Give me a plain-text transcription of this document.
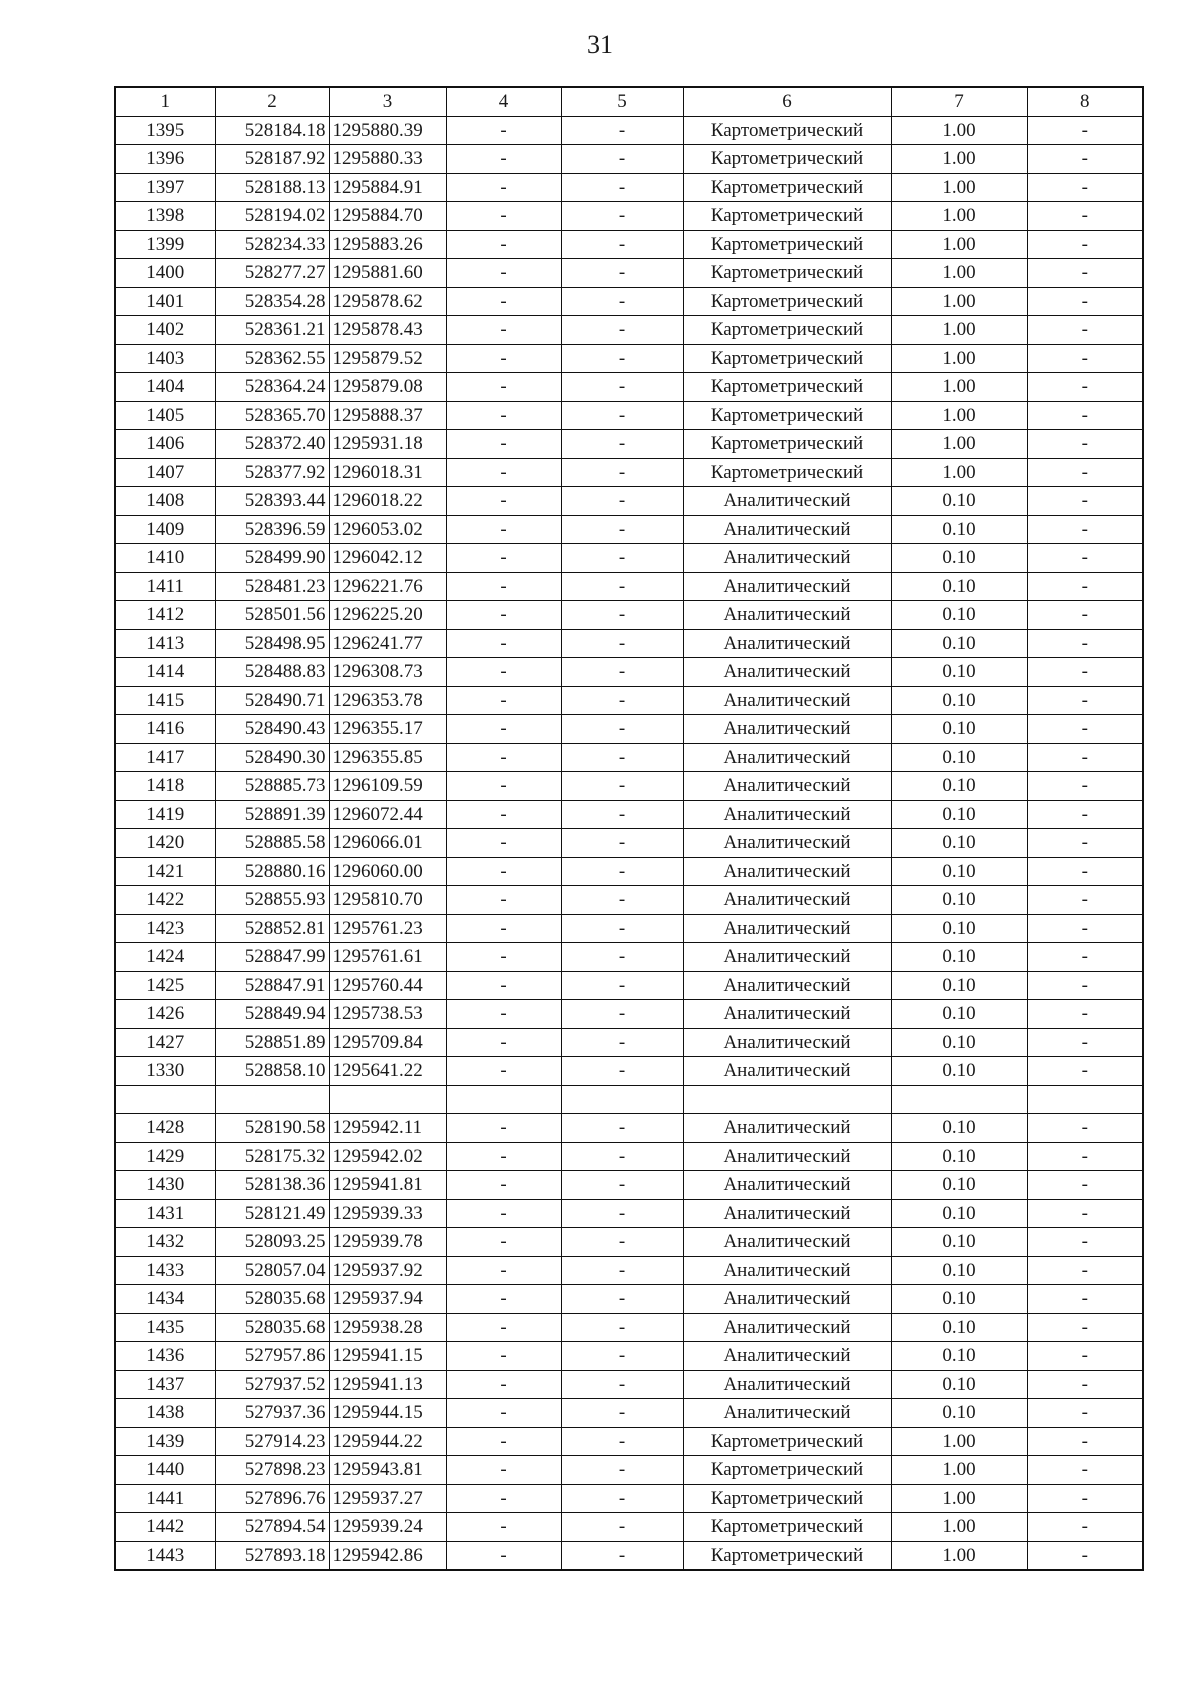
31
1	2	3	4	5	6	7	8
1395	528184.18	1295880.39	-	-	Картометрический	1.00	-
1396	528187.92	1295880.33	-	-	Картометрический	1.00	-
1397	528188.13	1295884.91	-	-	Картометрический	1.00	-
1398	528194.02	1295884.70	-	-	Картометрический	1.00	-
1399	528234.33	1295883.26	-	-	Картометрический	1.00	-
1400	528277.27	1295881.60	-	-	Картометрический	1.00	-
1401	528354.28	1295878.62	-	-	Картометрический	1.00	-
1402	528361.21	1295878.43	-	-	Картометрический	1.00	-
1403	528362.55	1295879.52	-	-	Картометрический	1.00	-
1404	528364.24	1295879.08	-	-	Картометрический	1.00	-
1405	528365.70	1295888.37	-	-	Картометрический	1.00	-
1406	528372.40	1295931.18	-	-	Картометрический	1.00	-
1407	528377.92	1296018.31	-	-	Картометрический	1.00	-
1408	528393.44	1296018.22	-	-	Аналитический	0.10	-
1409	528396.59	1296053.02	-	-	Аналитический	0.10	-
1410	528499.90	1296042.12	-	-	Аналитический	0.10	-
1411	528481.23	1296221.76	-	-	Аналитический	0.10	-
1412	528501.56	1296225.20	-	-	Аналитический	0.10	-
1413	528498.95	1296241.77	-	-	Аналитический	0.10	-
1414	528488.83	1296308.73	-	-	Аналитический	0.10	-
1415	528490.71	1296353.78	-	-	Аналитический	0.10	-
1416	528490.43	1296355.17	-	-	Аналитический	0.10	-
1417	528490.30	1296355.85	-	-	Аналитический	0.10	-
1418	528885.73	1296109.59	-	-	Аналитический	0.10	-
1419	528891.39	1296072.44	-	-	Аналитический	0.10	-
1420	528885.58	1296066.01	-	-	Аналитический	0.10	-
1421	528880.16	1296060.00	-	-	Аналитический	0.10	-
1422	528855.93	1295810.70	-	-	Аналитический	0.10	-
1423	528852.81	1295761.23	-	-	Аналитический	0.10	-
1424	528847.99	1295761.61	-	-	Аналитический	0.10	-
1425	528847.91	1295760.44	-	-	Аналитический	0.10	-
1426	528849.94	1295738.53	-	-	Аналитический	0.10	-
1427	528851.89	1295709.84	-	-	Аналитический	0.10	-
1330	528858.10	1295641.22	-	-	Аналитический	0.10	-

1428	528190.58	1295942.11	-	-	Аналитический	0.10	-
1429	528175.32	1295942.02	-	-	Аналитический	0.10	-
1430	528138.36	1295941.81	-	-	Аналитический	0.10	-
1431	528121.49	1295939.33	-	-	Аналитический	0.10	-
1432	528093.25	1295939.78	-	-	Аналитический	0.10	-
1433	528057.04	1295937.92	-	-	Аналитический	0.10	-
1434	528035.68	1295937.94	-	-	Аналитический	0.10	-
1435	528035.68	1295938.28	-	-	Аналитический	0.10	-
1436	527957.86	1295941.15	-	-	Аналитический	0.10	-
1437	527937.52	1295941.13	-	-	Аналитический	0.10	-
1438	527937.36	1295944.15	-	-	Аналитический	0.10	-
1439	527914.23	1295944.22	-	-	Картометрический	1.00	-
1440	527898.23	1295943.81	-	-	Картометрический	1.00	-
1441	527896.76	1295937.27	-	-	Картометрический	1.00	-
1442	527894.54	1295939.24	-	-	Картометрический	1.00	-
1443	527893.18	1295942.86	-	-	Картометрический	1.00	-
